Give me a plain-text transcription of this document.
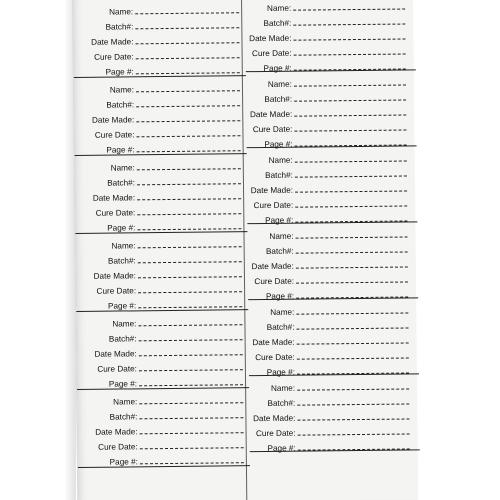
Name:
Batch#:
Date Made:
Cure Date:
Page #:
Name:
Batch#:
Date Made:
Cure Date:
Page #:
Name:
Batch#:
Date Made:
Cure Date:
Page #:
Name:
Batch#:
Date Made:
Cure Date:
Page #:
Name:
Batch#:
Date Made:
Cure Date:
Page #:
Name:
Batch#:
Date Made:
Cure Date:
Page #:
Name:
Batch#:
Date Made:
Cure Date:
Page #:
Name:
Batch#:
Date Made:
Cure Date:
Page #:
Name:
Batch#:
Date Made:
Cure Date:
Page #:
Name:
Batch#:
Date Made:
Cure Date:
Page #:
Name:
Batch#:
Date Made:
Cure Date:
Page #:
Name:
Batch#:
Date Made:
Cure Date:
Page #:
